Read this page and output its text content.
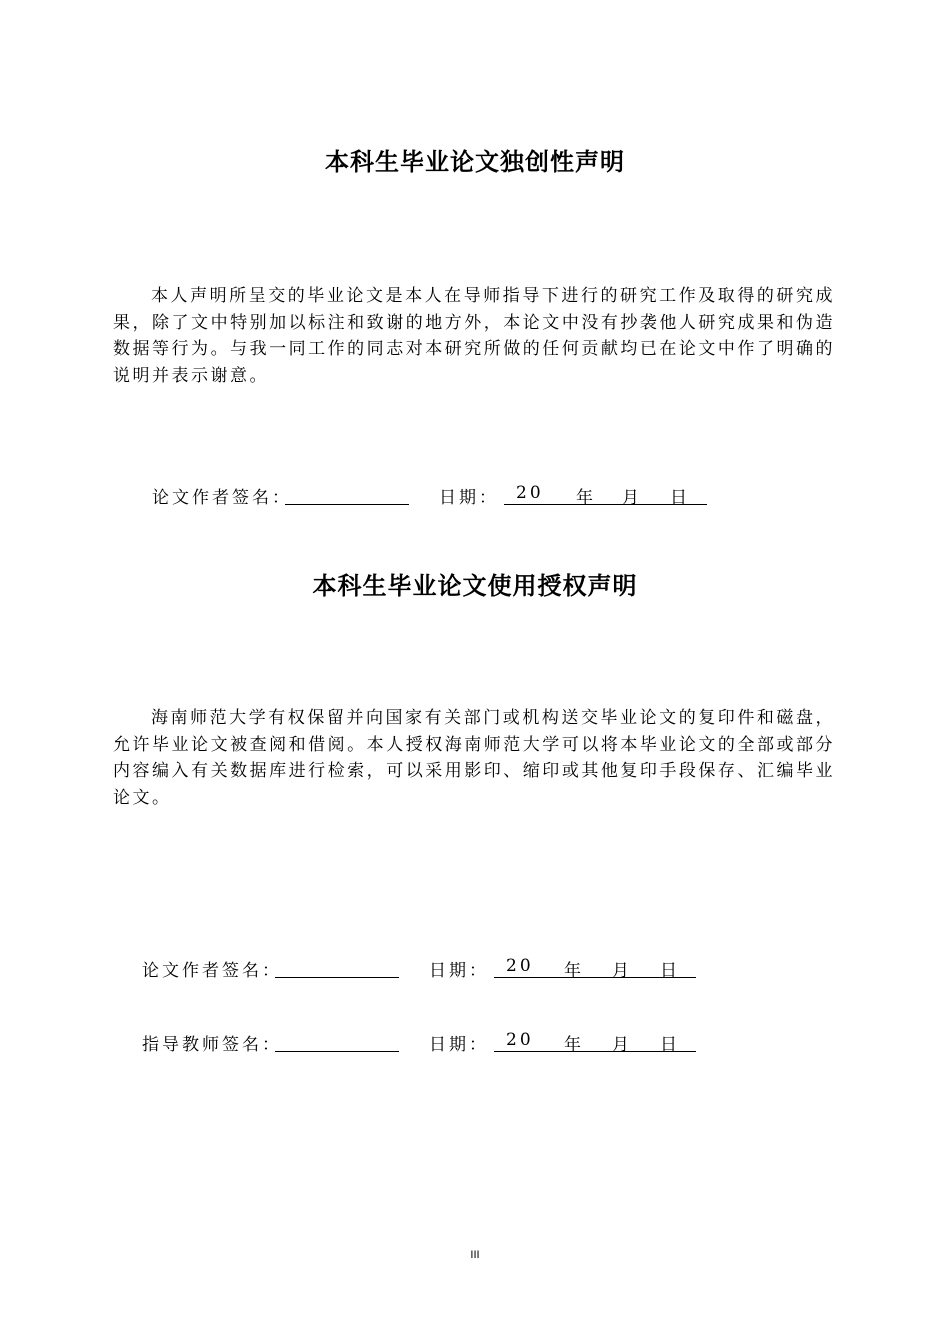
本科生毕业论文独创性声明
本人声明所呈交的毕业论文是本人在导师指导下进行的研究工作及取得的研究成果，除了文中特别加以标注和致谢的地方外，本论文中没有抄袭他人研究成果和伪造数据等行为。与我一同工作的同志对本研究所做的任何贡献均已在论文中作了明确的说明并表示谢意。
论文作者签名：	日期： 20 年 月 日
本科生毕业论文使用授权声明
海南师范大学有权保留并向国家有关部门或机构送交毕业论文的复印件和磁盘，允许毕业论文被查阅和借阅。本人授权海南师范大学可以将本毕业论文的全部或部分内容编入有关数据库进行检索，可以采用影印、缩印或其他复印手段保存、汇编毕业论文。
论文作者签名：	日期： 20 年 月 日
指导教师签名：	日期： 20 年 月 日
III
